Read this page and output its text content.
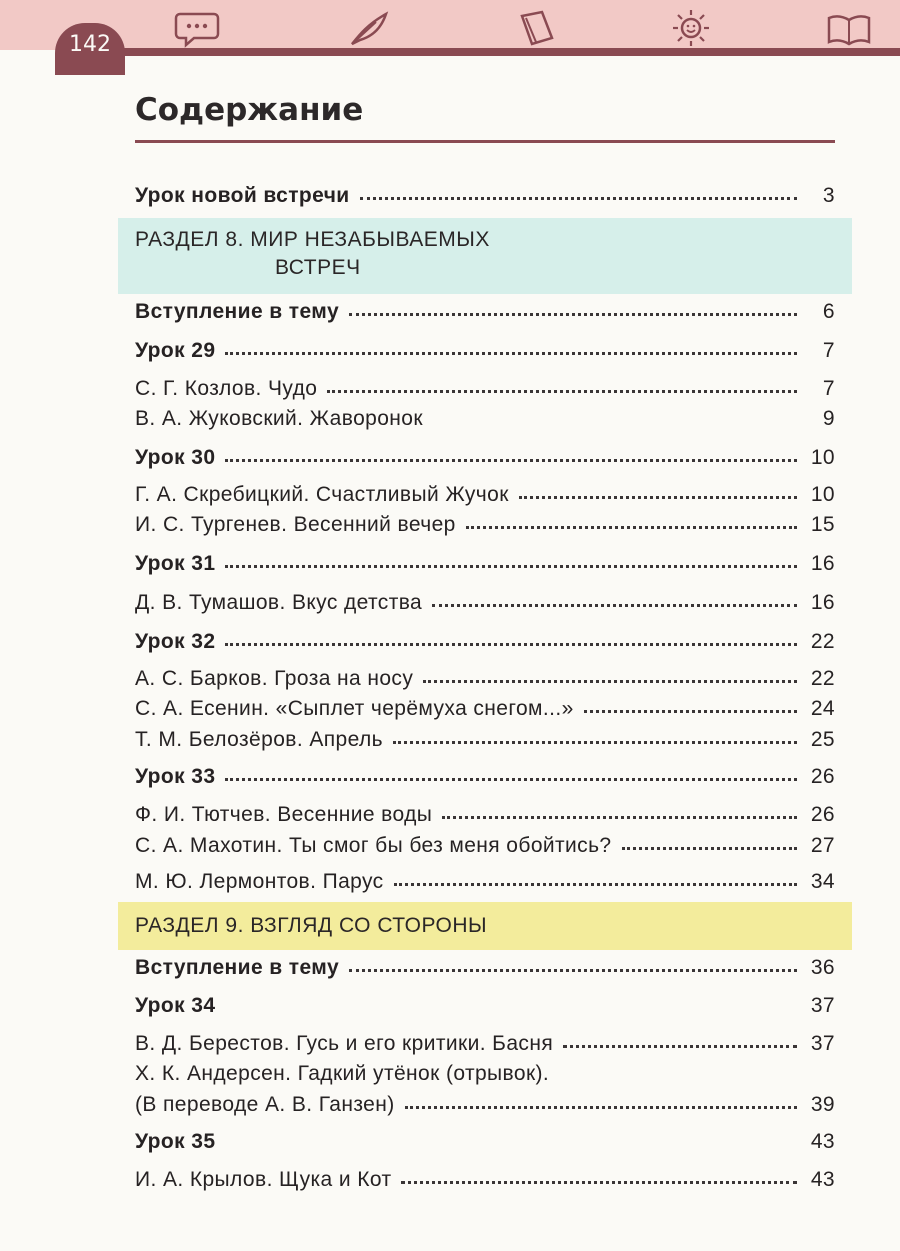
142
Содержание
Урок новой встречи	3
РАЗДЕЛ 8. МИР НЕЗАБЫВАЕМЫХ
ВСТРЕЧ
Вступление в тему	6
Урок 29	7
С. Г. Козлов. Чудо	7
В. А. Жуковский. Жаворонок	9
Урок 30	10
Г. А. Скребицкий. Счастливый Жучок	10
И. С. Тургенев. Весенний вечер	15
Урок 31	16
Д. В. Тумашов. Вкус детства	16
Урок 32	22
А. С. Барков. Гроза на носу	22
С. А. Есенин. «Сыплет черёмуха снегом...»	24
Т. М. Белозёров. Апрель	25
Урок 33	26
Ф. И. Тютчев. Весенние воды	26
С. А. Махотин. Ты смог бы без меня обойтись?	27
М. Ю. Лермонтов. Парус	34
РАЗДЕЛ 9. ВЗГЛЯД СО СТОРОНЫ
Вступление в тему	36
Урок 34	37
В. Д. Берестов. Гусь и его критики. Басня	37
Х. К. Андерсен. Гадкий утёнок (отрывок).
(В переводе А. В. Ганзен)	39
Урок 35	43
И. А. Крылов. Щука и Кот	43
